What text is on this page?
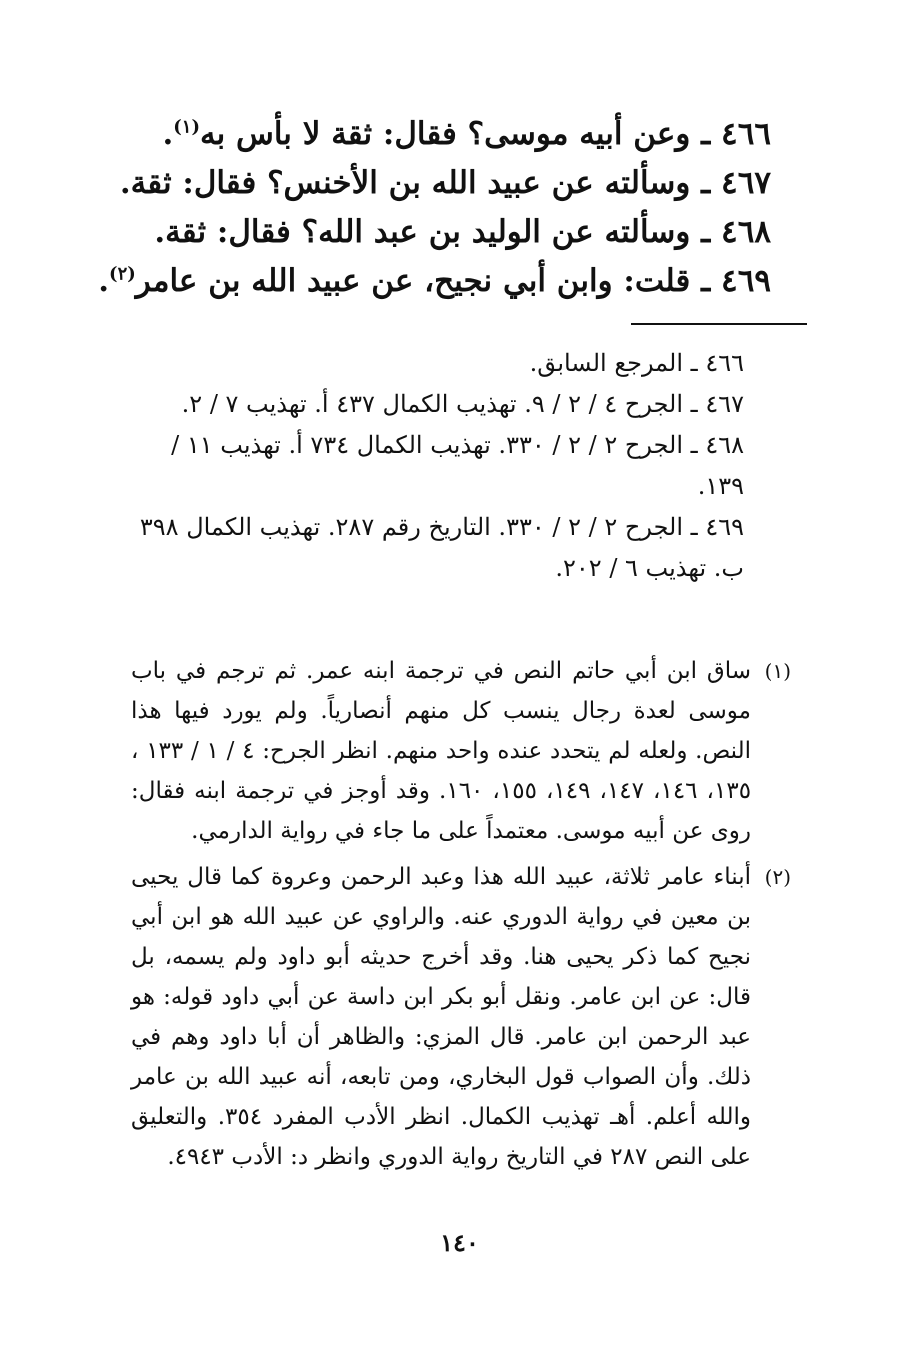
٤٦٦ ـ وعن أبيه موسى؟ فقال: ثقة لا بأس به$^{(١)}$.
٤٦٧ ـ وسألته عن عبيد الله بن الأخنس؟ فقال: ثقة.
٤٦٨ ـ وسألته عن الوليد بن عبد الله؟ فقال: ثقة.
٤٦٩ ـ قلت: وابن أبي نجيح، عن عبيد الله بن عامر$^{(٢)}$.
٤٦٦ ـ المرجع السابق.
٤٦٧ ـ الجرح ٤ / ٢ / ٩. تهذيب الكمال ٤٣٧ أ. تهذيب ٧ / ٢.
٤٦٨ ـ الجرح ٢ / ٢ / ٣٣٠. تهذيب الكمال ٧٣٤ أ. تهذيب ١١ / ١٣٩.
٤٦٩ ـ الجرح ٢ / ٢ / ٣٣٠. التاريخ رقم ٢٨٧. تهذيب الكمال ٣٩٨ ب. تهذيب ٦ / ٢٠٢.
(١)
ساق ابن أبي حاتم النص في ترجمة ابنه عمر. ثم ترجم في باب موسى لعدة رجال ينسب كل منهم أنصارياً. ولم يورد فيها هذا النص. ولعله لم يتحدد عنده واحد منهم. انظر الجرح: ٤ / ١ / ١٣٣ ، ١٣٥، ١٤٦، ١٤٧، ١٤٩، ١٥٥، ١٦٠. وقد أوجز في ترجمة ابنه فقال: روى عن أبيه موسى. معتمداً على ما جاء في رواية الدارمي.
(٢)
أبناء عامر ثلاثة، عبيد الله هذا وعبد الرحمن وعروة كما قال يحيى بن معين في رواية الدوري عنه. والراوي عن عبيد الله هو ابن أبي نجيح كما ذكر يحيى هنا. وقد أخرج حديثه أبو داود ولم يسمه، بل قال: عن ابن عامر. ونقل أبو بكر ابن داسة عن أبي داود قوله: هو عبد الرحمن ابن عامر. قال المزي: والظاهر أن أبا داود وهم في ذلك. وأن الصواب قول البخاري، ومن تابعه، أنه عبيد الله بن عامر والله أعلم. أهـ تهذيب الكمال. انظر الأدب المفرد ٣٥٤. والتعليق على النص ٢٨٧ في التاريخ رواية الدوري وانظر د: الأدب ٤٩٤٣.
١٤٠
